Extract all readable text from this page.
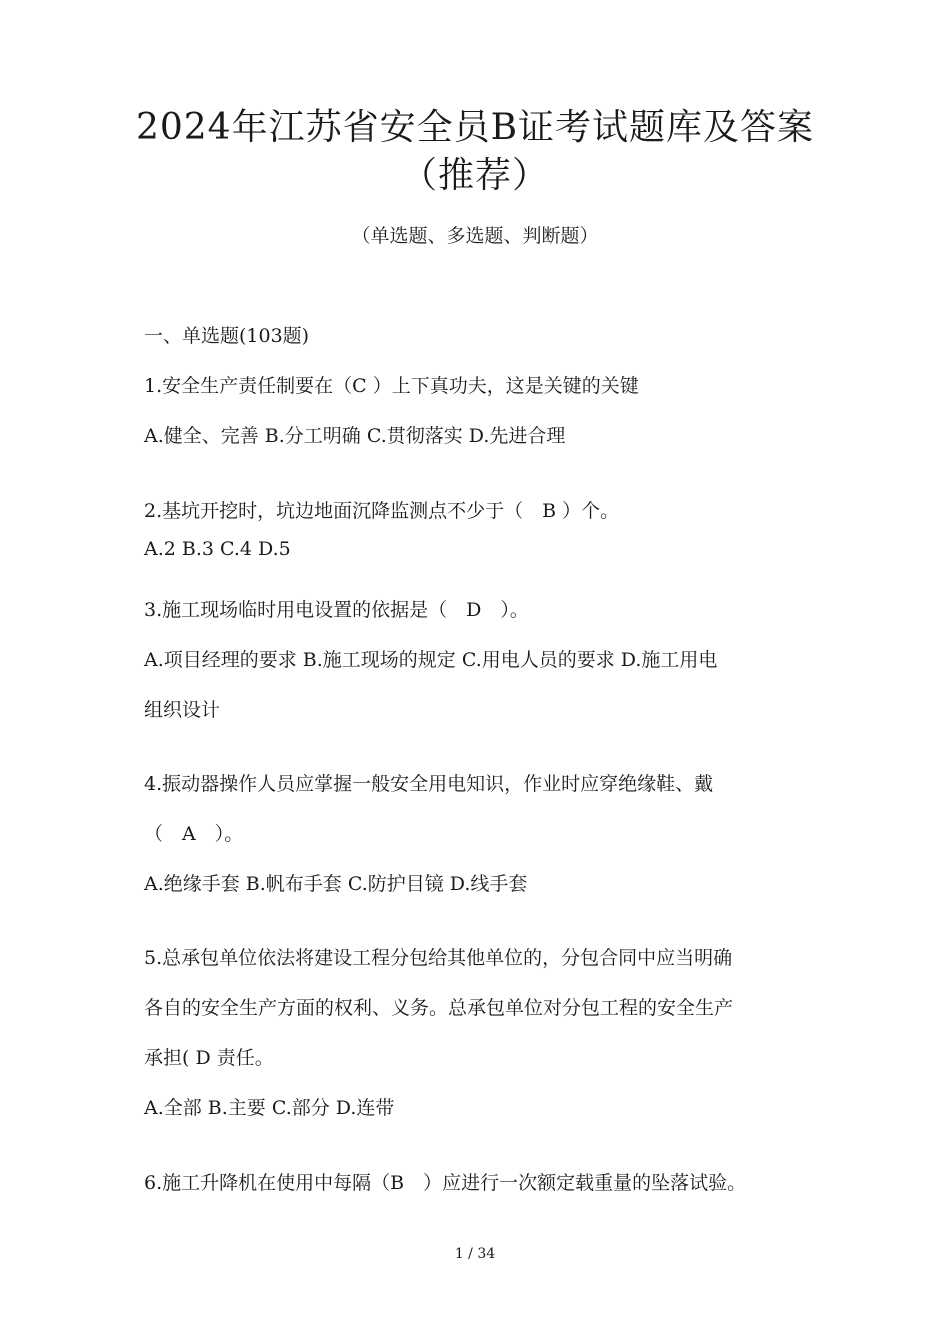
2024年江苏省安全员B证考试题库及答案
（推荐）
（单选题、多选题、判断题）
一、单选题(103题)
1.安全生产责任制要在（C ）上下真功夫，这是关键的关键
A.健全、完善 B.分工明确 C.贯彻落实 D.先进合理
2.基坑开挖时，坑边地面沉降监测点不少于（　B ）个。
A.2 B.3 C.4 D.5
3.施工现场临时用电设置的依据是（　D　）。
A.项目经理的要求 B.施工现场的规定 C.用电人员的要求 D.施工用电
组织设计
4.振动器操作人员应掌握一般安全用电知识，作业时应穿绝缘鞋、戴
（　A　）。
A.绝缘手套 B.帆布手套 C.防护目镜 D.线手套
5.总承包单位依法将建设工程分包给其他单位的，分包合同中应当明确
各自的安全生产方面的权利、义务。总承包单位对分包工程的安全生产
承担( D 责任。
A.全部 B.主要 C.部分 D.连带
6.施工升降机在使用中每隔（B　）应进行一次额定载重量的坠落试验。
1 / 34
